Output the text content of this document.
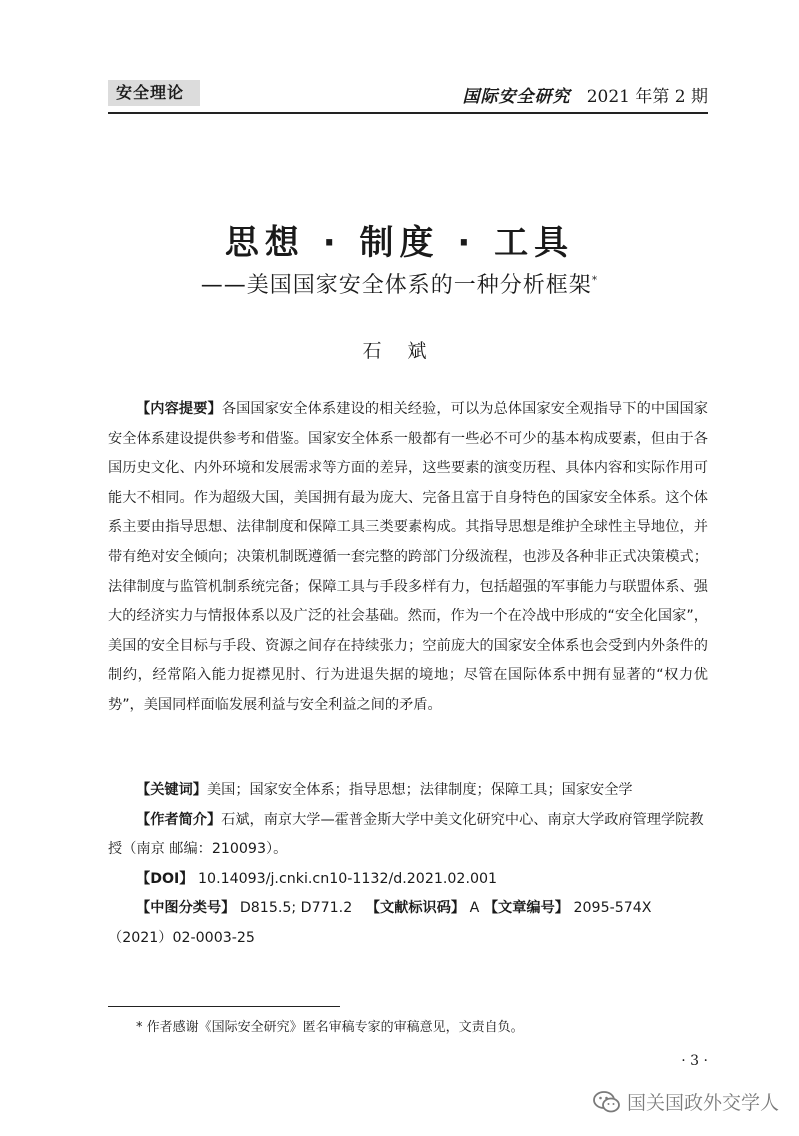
安全理论	国际安全研究 2021 年第 2 期
思想 · 制度 · 工具
——美国国家安全体系的一种分析框架*
石 斌

【内容提要】各国国家安全体系建设的相关经验，可以为总体国家安全观指导下的中国国家安全体系建设提供参考和借鉴。国家安全体系一般都有一些必不可少的基本构成要素，但由于各国历史文化、内外环境和发展需求等方面的差异，这些要素的演变历程、具体内容和实际作用可能大不相同。作为超级大国，美国拥有最为庞大、完备且富于自身特色的国家安全体系。这个体系主要由指导思想、法律制度和保障工具三类要素构成。其指导思想是维护全球性主导地位，并带有绝对安全倾向；决策机制既遵循一套完整的跨部门分级流程，也涉及各种非正式决策模式；法律制度与监管机制系统完备；保障工具与手段多样有力，包括超强的军事能力与联盟体系、强大的经济实力与情报体系以及广泛的社会基础。然而，作为一个在冷战中形成的“安全化国家”，美国的安全目标与手段、资源之间存在持续张力；空前庞大的国家安全体系也会受到内外条件的制约，经常陷入能力捉襟见肘、行为进退失据的境地；尽管在国际体系中拥有显著的“权力优势”，美国同样面临发展利益与安全利益之间的矛盾。

【关键词】美国；国家安全体系；指导思想；法律制度；保障工具；国家安全学

【作者简介】石斌，南京大学—霍普金斯大学中美文化研究中心、南京大学政府管理学院教授（南京 邮编：210093）。

【DOI】 10.14093/j.cnki.cn10-1132/d.2021.02.001

【中图分类号】 D815.5; D771.2 【文献标识码】 A 【文章编号】 2095-574X（2021）02-0003-25

* 作者感谢《国际安全研究》匿名审稿专家的审稿意见，文责自负。
· 3 ·
国关国政外交学人
